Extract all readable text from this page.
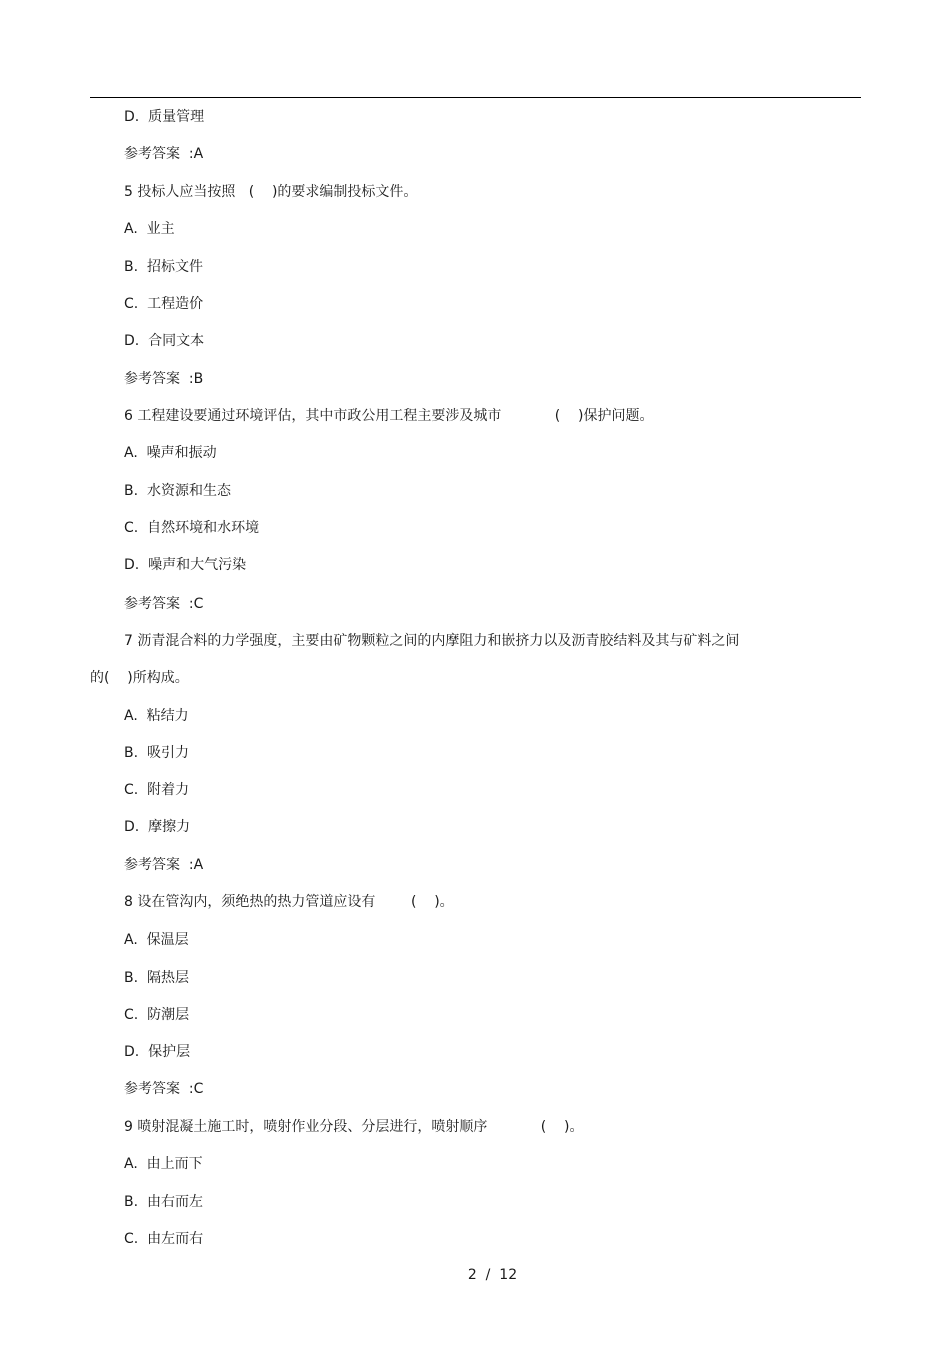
D.  质量管理
参考答案  :A
5 投标人应当按照   (    )的要求编制投标文件。
A.  业主
B.  招标文件
C.  工程造价
D.  合同文本
参考答案  :B
6 工程建设要通过环境评估，其中市政公用工程主要涉及城市            (    )保护问题。
A.  噪声和振动
B.  水资源和生态
C.  自然环境和水环境
D.  噪声和大气污染
参考答案  :C
7 沥青混合料的力学强度，主要由矿物颗粒之间的内摩阻力和嵌挤力以及沥青胶结料及其与矿料之间
的(    )所构成。
A.  粘结力
B.  吸引力
C.  附着力
D.  摩擦力
参考答案  :A
8 设在管沟内，须绝热的热力管道应设有        (    )。
A.  保温层
B.  隔热层
C.  防潮层
D.  保护层
参考答案  :C
9 喷射混凝土施工时，喷射作业分段、分层进行，喷射顺序            (    )。
A.  由上而下
B.  由右而左
C.  由左而右
2  /  12
